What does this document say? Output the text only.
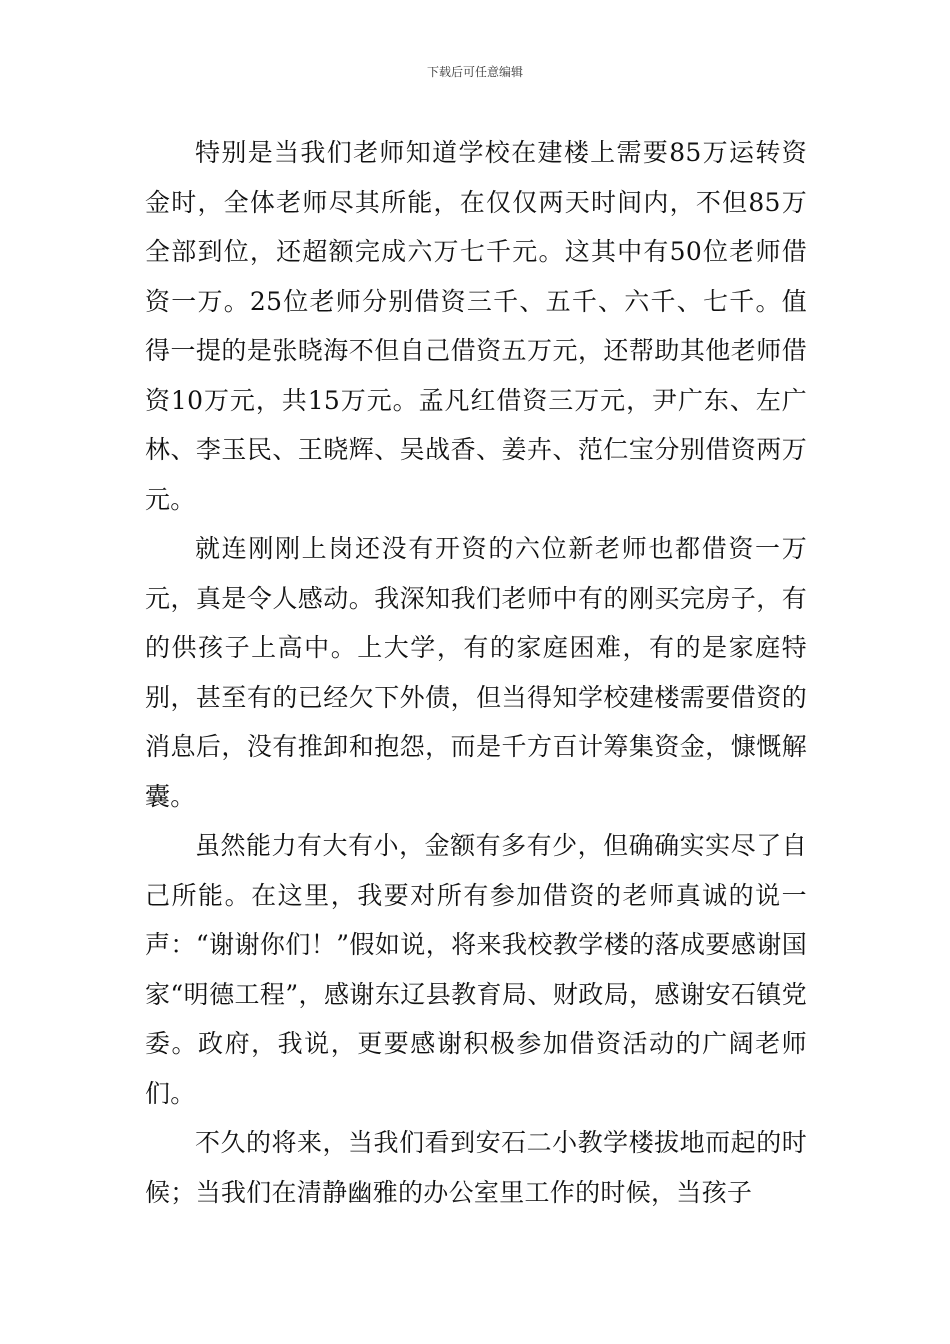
下载后可任意编辑

特别是当我们老师知道学校在建楼上需要85万运转资金时，全体老师尽其所能，在仅仅两天时间内，不但85万全部到位，还超额完成六万七千元。这其中有50位老师借资一万。25位老师分别借资三千、五千、六千、七千。值得一提的是张晓海不但自己借资五万元，还帮助其他老师借资10万元，共15万元。孟凡红借资三万元，尹广东、左广林、李玉民、王晓辉、吴战香、姜卉、范仁宝分别借资两万元。

就连刚刚上岗还没有开资的六位新老师也都借资一万元，真是令人感动。我深知我们老师中有的刚买完房子，有的供孩子上高中。上大学，有的家庭困难，有的是家庭特别，甚至有的已经欠下外债，但当得知学校建楼需要借资的消息后，没有推卸和抱怨，而是千方百计筹集资金，慷慨解囊。

虽然能力有大有小，金额有多有少，但确确实实尽了自己所能。在这里，我要对所有参加借资的老师真诚的说一声：“谢谢你们！”假如说，将来我校教学楼的落成要感谢国家“明德工程”，感谢东辽县教育局、财政局，感谢安石镇党委。政府，我说，更要感谢积极参加借资活动的广阔老师们。

不久的将来，当我们看到安石二小教学楼拔地而起的时候；当我们在清静幽雅的办公室里工作的时候，当孩子
